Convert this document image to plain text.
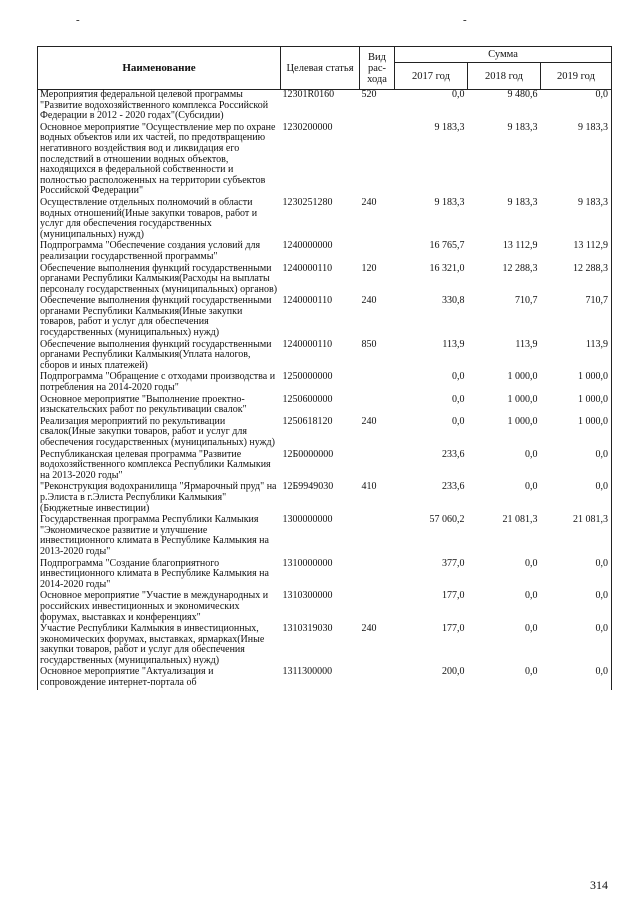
-	-
Наименование	Целевая статья	Вид рас-хода	Сумма		
			2017 год	2018 год	2019 год
Мероприятия федеральной целевой программы "Развитие водохозяйственного комплекса Российской Федерации в 2012 - 2020 годах"(Субсидии)	12301R0160	520	0,0	9 480,6	0,0
Основное мероприятие "Осуществление мер по охране водных объектов или их частей, по предотвращению негативного воздействия вод и ликвидация его последствий в отношении водных объектов, находящихся в федеральной собственности и полностью расположенных на территории субъектов Российской Федерации"	1230200000		9 183,3	9 183,3	9 183,3
Осуществление отдельных полномочий в области водных отношений(Иные закупки товаров, работ и услуг для обеспечения государственных (муниципальных) нужд)	1230251280	240	9 183,3	9 183,3	9 183,3
Подпрограмма "Обеспечение создания условий для реализации государственной программы"	1240000000		16 765,7	13 112,9	13 112,9
Обеспечение выполнения функций государственными органами Республики Калмыкия(Расходы на выплаты персоналу государственных (муниципальных) органов)	1240000110	120	16 321,0	12 288,3	12 288,3
Обеспечение выполнения функций государственными органами Республики Калмыкия(Иные закупки товаров, работ и услуг для обеспечения государственных (муниципальных) нужд)	1240000110	240	330,8	710,7	710,7
Обеспечение выполнения функций государственными органами Республики Калмыкия(Уплата налогов, сборов и иных платежей)	1240000110	850	113,9	113,9	113,9
Подпрограмма "Обращение с отходами производства и потребления на 2014-2020 годы"	1250000000		0,0	1 000,0	1 000,0
Основное мероприятие "Выполнение проектно-изыскательских работ по рекультивации свалок"	1250600000		0,0	1 000,0	1 000,0
Реализация мероприятий по рекультивации свалок(Иные закупки товаров, работ и услуг для обеспечения государственных (муниципальных) нужд)	1250618120	240	0,0	1 000,0	1 000,0
Республиканская целевая программа "Развитие водохозяйственного комплекса Республики Калмыкия на 2013-2020 годы"	12Б0000000		233,6	0,0	0,0
"Реконструкция водохранилища "Ярмарочный пруд" на р.Элиста в г.Элиста Республики Калмыкия"(Бюджетные инвестиции)	12Б9949030	410	233,6	0,0	0,0
Государственная программа Республики Калмыкия "Экономическое развитие и улучшение инвестиционного климата в Республике Калмыкия на 2013-2020 годы"	1300000000		57 060,2	21 081,3	21 081,3
Подпрограмма "Создание благоприятного инвестиционного климата в Республике Калмыкия на 2014-2020 годы"	1310000000		377,0	0,0	0,0
Основное мероприятие "Участие в международных и российских инвестиционных и экономических форумах, выставках и конференциях"	1310300000		177,0	0,0	0,0
Участие Республики Калмыкия в инвестиционных, экономических форумах, выставках, ярмарках(Иные закупки товаров, работ и услуг для обеспечения государственных (муниципальных) нужд)	1310319030	240	177,0	0,0	0,0
Основное мероприятие "Актуализация и сопровождение интернет-портала об	1311300000		200,0	0,0	0,0
314
